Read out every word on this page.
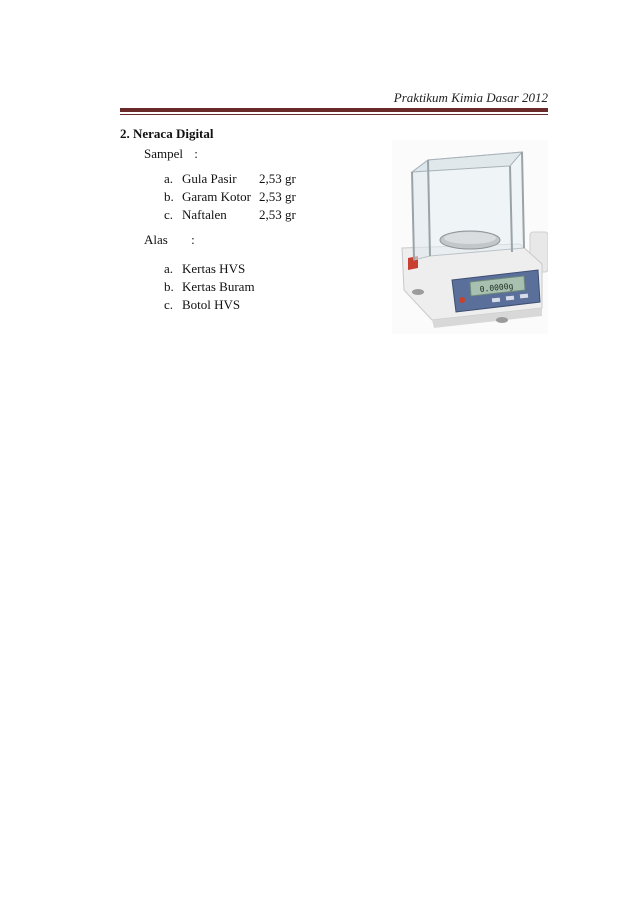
Praktikum Kimia Dasar 2012
2. Neraca Digital
Sampel :
a. Gula Pasir 2,53 gr
b. Garam Kotor 2,53 gr
c. Naftalen 2,53 gr
Alas :
a. Kertas HVS
b. Kertas Buram
c. Botol HVS
0.0000g
